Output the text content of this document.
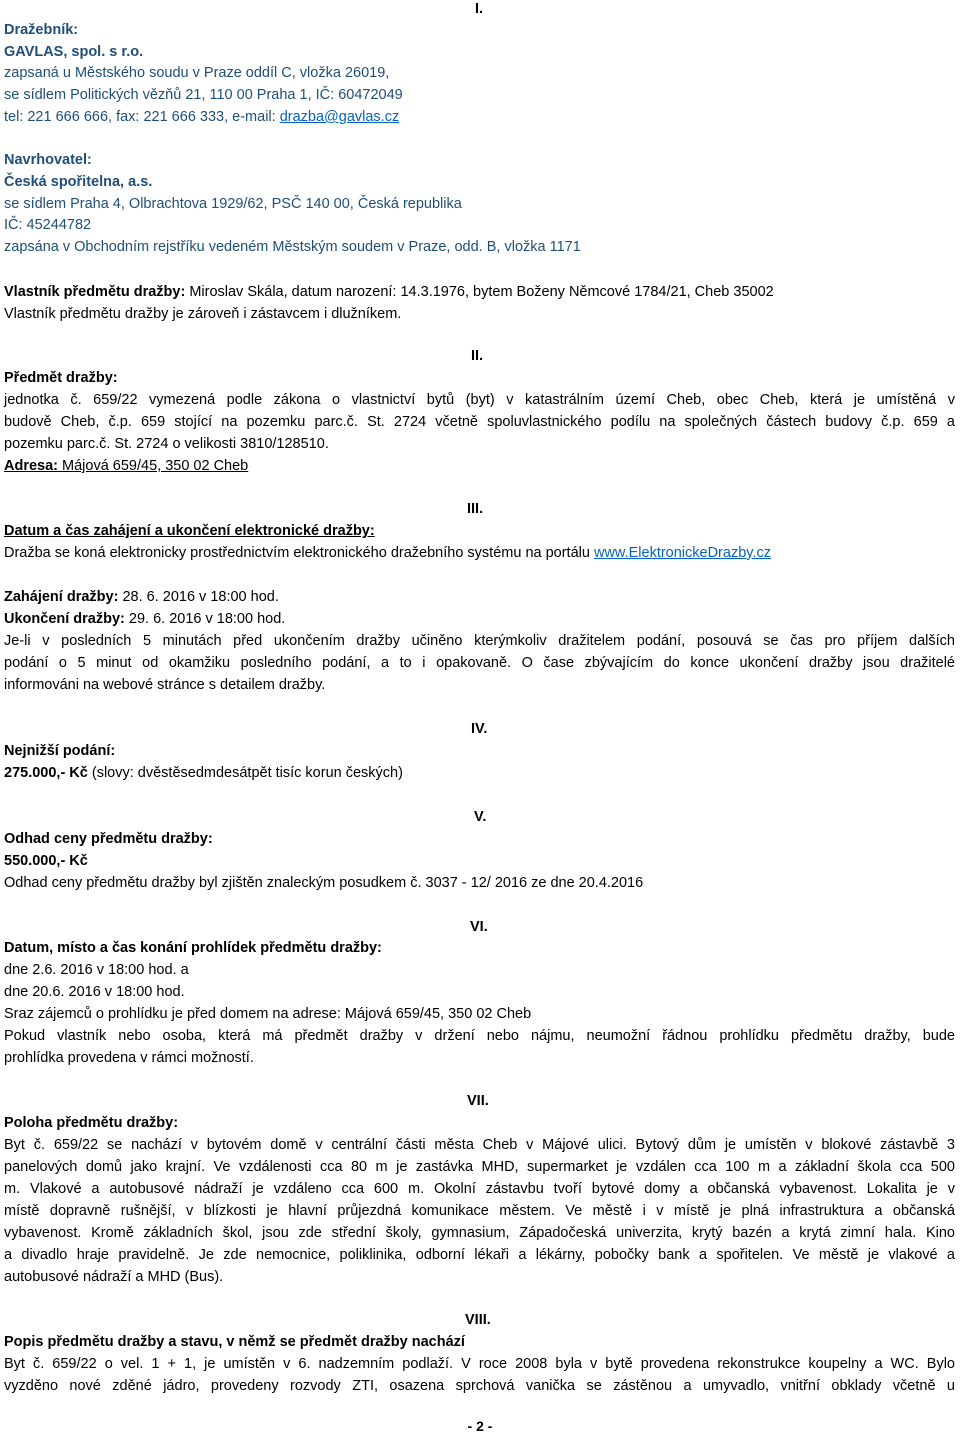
I.
Dražebník:
GAVLAS, spol. s r.o.
zapsaná u Městského soudu v Praze oddíl C, vložka 26019,
se sídlem Politických vězňů 21, 110 00 Praha 1, IČ: 60472049
tel: 221 666 666, fax: 221 666 333, e-mail: drazba@gavlas.cz
Navrhovatel:
Česká spořitelna, a.s.
se sídlem Praha 4, Olbrachtova 1929/62, PSČ 140 00, Česká republika
IČ: 45244782
zapsána v Obchodním rejstříku vedeném Městským soudem v Praze, odd. B, vložka 1171
Vlastník předmětu dražby: Miroslav Skála, datum narození: 14.3.1976, bytem Boženy Němcové 1784/21, Cheb 35002
Vlastník předmětu dražby je zároveň i zástavcem i dlužníkem.
II.
Předmět dražby:
jednotka č. 659/22 vymezená podle zákona o vlastnictví bytů (byt) v katastrálním území Cheb, obec Cheb, která je umístěná v
budově Cheb, č.p. 659 stojící na pozemku parc.č. St. 2724 včetně spoluvlastnického podílu na společných částech budovy č.p. 659 a
pozemku parc.č. St. 2724 o velikosti 3810/128510.
Adresa: Májová 659/45, 350 02 Cheb
III.
Datum a čas zahájení a ukončení elektronické dražby:
Dražba se koná elektronicky prostřednictvím elektronického dražebního systému na portálu www.ElektronickeDrazby.cz
Zahájení dražby: 28. 6. 2016 v 18:00 hod.
Ukončení dražby: 29. 6. 2016 v 18:00 hod.
Je-li v posledních 5 minutách před ukončením dražby učiněno kterýmkoliv dražitelem podání, posouvá se čas pro příjem dalších
podání o 5 minut od okamžiku posledního podání, a to i opakovaně. O čase zbývajícím do konce ukončení dražby jsou dražitelé
informováni na webové stránce s detailem dražby.
IV.
Nejnižší podání:
275.000,- Kč (slovy: dvěstěsedmdesátpět tisíc korun českých)
V.
Odhad ceny předmětu dražby:
550.000,- Kč
Odhad ceny předmětu dražby byl zjištěn znaleckým posudkem č. 3037 - 12/ 2016 ze dne 20.4.2016
VI.
Datum, místo a čas konání prohlídek předmětu dražby:
dne 2.6. 2016 v 18:00 hod. a
dne 20.6. 2016 v 18:00 hod.
Sraz zájemců o prohlídku je před domem na adrese: Májová 659/45, 350 02 Cheb
Pokud vlastník nebo osoba, která má předmět dražby v držení nebo nájmu, neumožní řádnou prohlídku předmětu dražby, bude
prohlídka provedena v rámci možností.
VII.
Poloha předmětu dražby:
Byt č. 659/22 se nachází v bytovém domě v centrální části města Cheb v Májové ulici. Bytový dům je umístěn v blokové zástavbě 3
panelových domů jako krajní. Ve vzdálenosti cca 80 m je zastávka MHD, supermarket je vzdálen cca 100 m a základní škola cca 500
m. Vlakové a autobusové nádraží je vzdáleno cca 600 m. Okolní zástavbu tvoří bytové domy a občanská vybavenost. Lokalita je v
místě dopravně rušnější, v blízkosti je hlavní průjezdná komunikace městem. Ve městě i v místě je plná infrastruktura a občanská
vybavenost. Kromě základních škol, jsou zde střední školy, gymnasium, Západočeská univerzita, krytý bazén a krytá zimní hala. Kino
a divadlo hraje pravidelně. Je zde nemocnice, poliklinika, odborní lékaři a lékárny, pobočky bank a spořitelen. Ve městě je vlakové a
autobusové nádraží a MHD (Bus).
VIII.
Popis předmětu dražby a stavu, v němž se předmět dražby nachází
Byt č. 659/22 o vel. 1 + 1, je umístěn v 6. nadzemním podlaží. V roce 2008 byla v bytě provedena rekonstrukce koupelny a WC. Bylo
vyzděno nové zděné jádro, provedeny rozvody ZTI, osazena sprchová vanička se zástěnou a umyvadlo, vnitřní obklady včetně u
- 2 -
